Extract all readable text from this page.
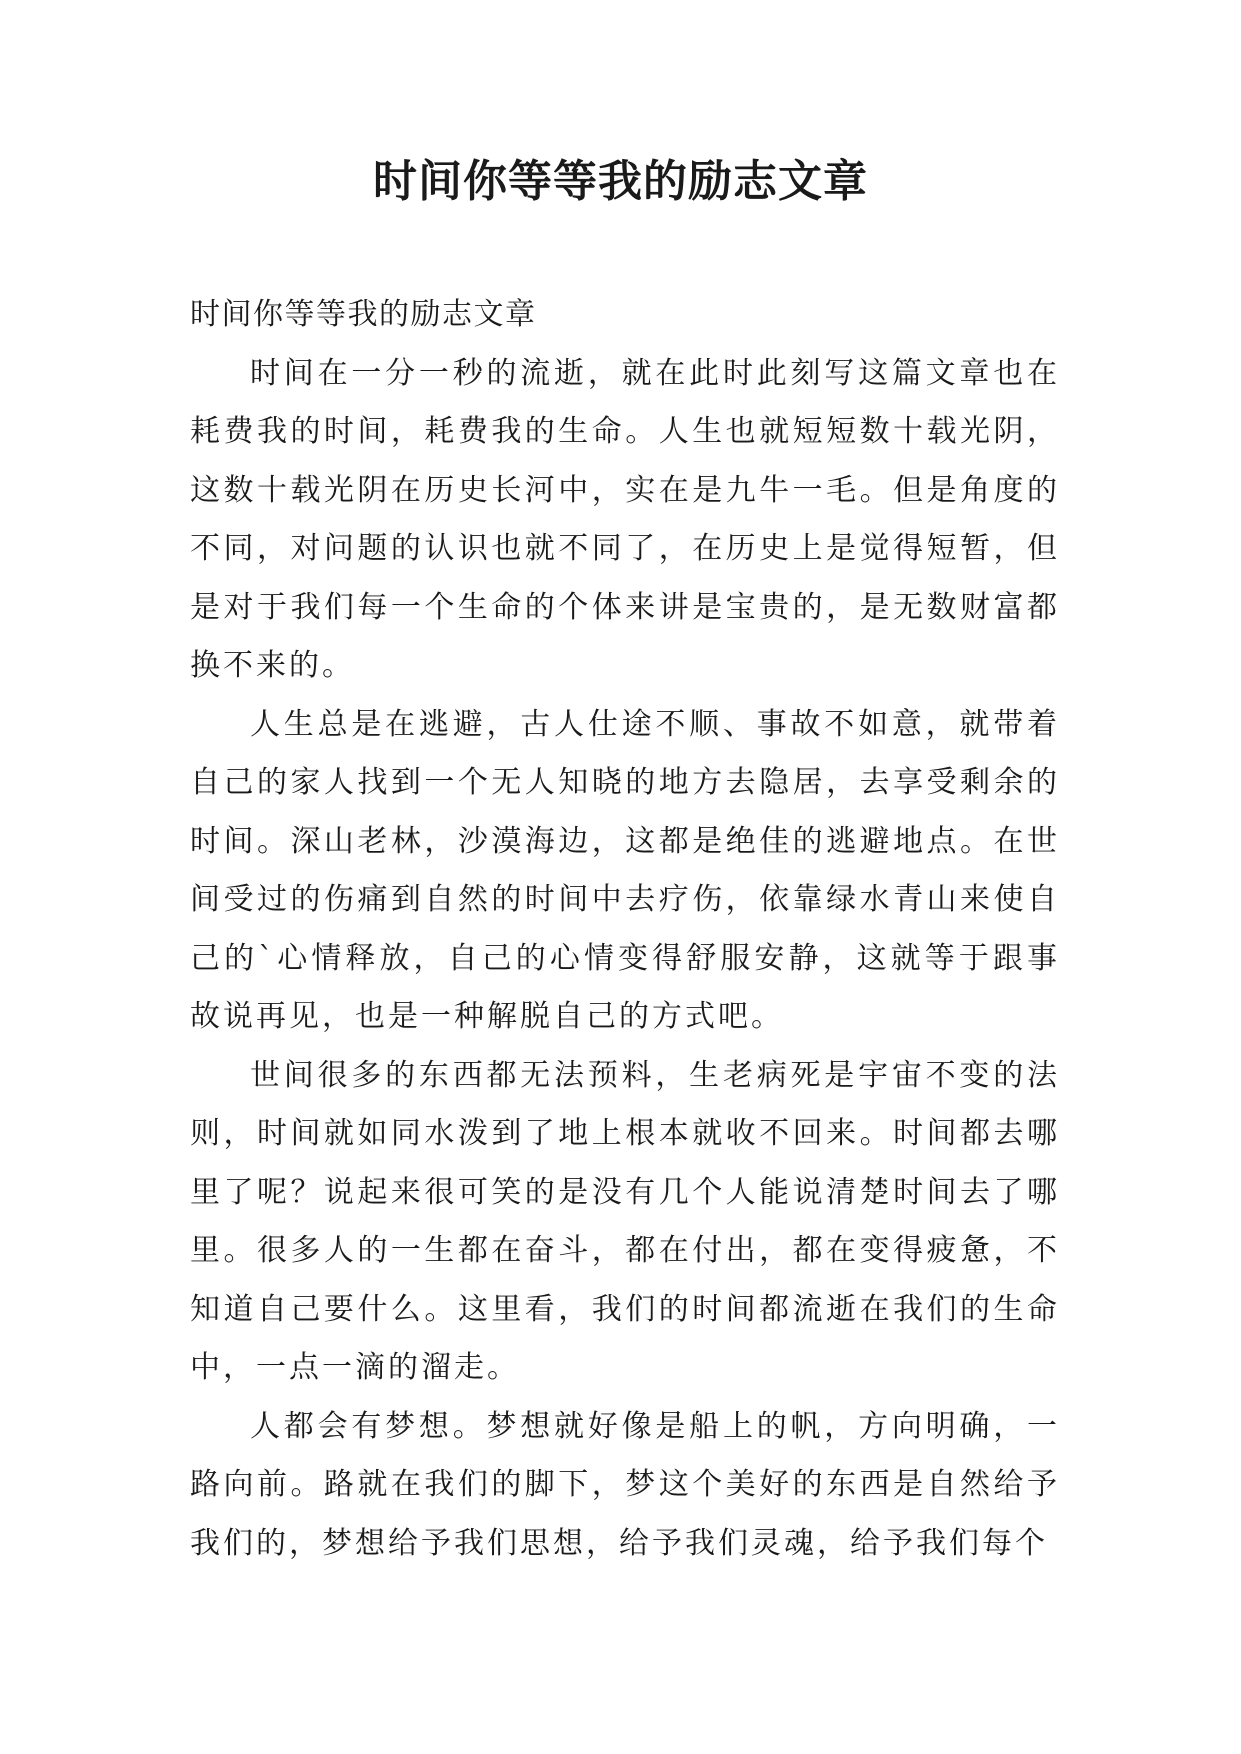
时间你等等我的励志文章

时间你等等我的励志文章

时间在一分一秒的流逝，就在此时此刻写这篇文章也在耗费我的时间，耗费我的生命。人生也就短短数十载光阴，这数十载光阴在历史长河中，实在是九牛一毛。但是角度的不同，对问题的认识也就不同了，在历史上是觉得短暂，但是对于我们每一个生命的个体来讲是宝贵的，是无数财富都换不来的。

人生总是在逃避，古人仕途不顺、事故不如意，就带着自己的家人找到一个无人知晓的地方去隐居，去享受剩余的时间。深山老林，沙漠海边，这都是绝佳的逃避地点。在世间受过的伤痛到自然的时间中去疗伤，依靠绿水青山来使自己的`心情释放，自己的心情变得舒服安静，这就等于跟事故说再见，也是一种解脱自己的方式吧。

世间很多的东西都无法预料，生老病死是宇宙不变的法则，时间就如同水泼到了地上根本就收不回来。时间都去哪里了呢？说起来很可笑的是没有几个人能说清楚时间去了哪里。很多人的一生都在奋斗，都在付出，都在变得疲惫，不知道自己要什么。这里看，我们的时间都流逝在我们的生命中，一点一滴的溜走。

人都会有梦想。梦想就好像是船上的帆，方向明确，一路向前。路就在我们的脚下，梦这个美好的东西是自然给予我们的，梦想给予我们思想，给予我们灵魂，给予我们每个
